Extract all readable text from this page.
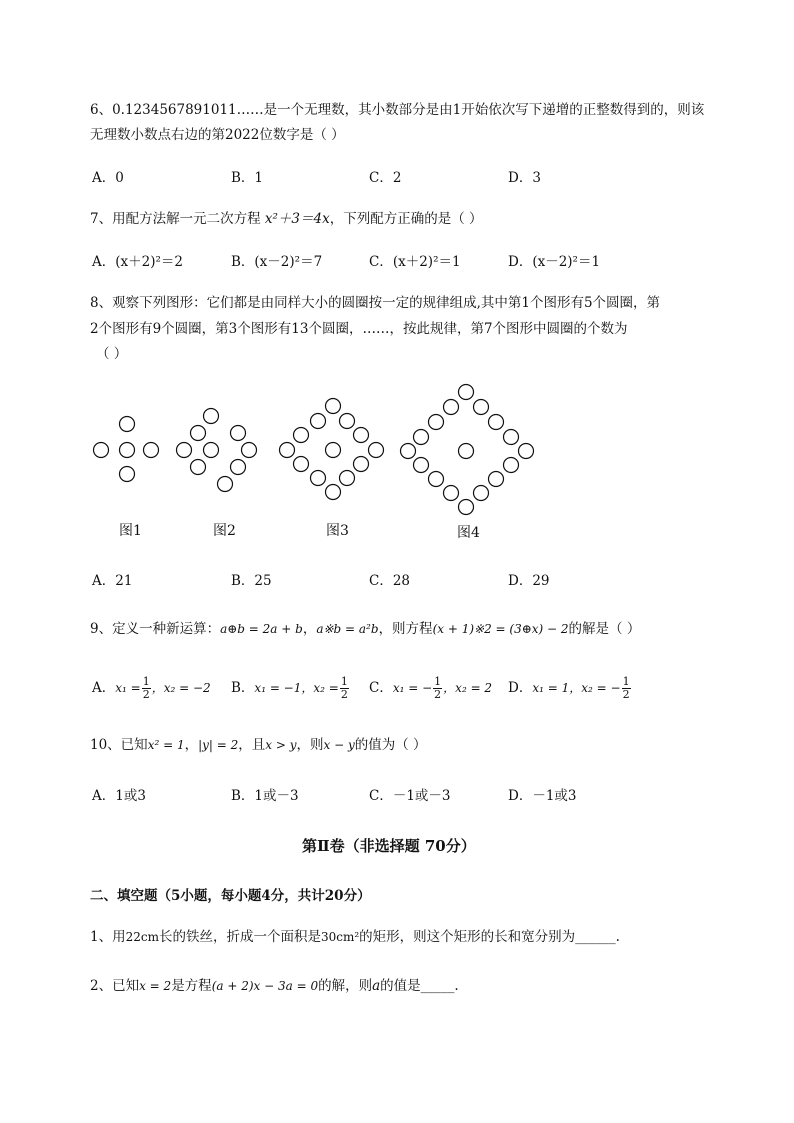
6、0.1234567891011……是一个无理数，其小数部分是由1开始依次写下递增的正整数得到的，则该
无理数小数点右边的第2022位数字是（ ）
A．0	B．1	C．2	D．3
7、用配方法解一元二次方程 x²＋3＝4x，下列配方正确的是（ ）
A．(x＋2)²＝2	B．(x－2)²＝7	C．(x＋2)²＝1	D．(x－2)²＝1
8、观察下列图形：它们都是由同样大小的圆圈按一定的规律组成,其中第1个图形有5个圆圈，第
2个图形有9个圆圈，第3个图形有13个圆圈，……，按此规律，第7个图形中圆圈的个数为
（ ）
图1	图2	图3	图4
A．21	B．25	C．28	D．29
9、定义一种新运算：a⊕b = 2a + b，a※b = a²b，则方程(x + 1)※2 = (3⊕x) − 2的解是（ ）
A．$x_1 = \frac{1}{2}$ ，x₂ = −2 B．x₁ = −1，$x_2 = \frac{1}{2}$ C．x₁ = − $\frac{1}{2}$ ，x₂ = 2 D．x₁ = 1，x₂ = − $\frac{1}{2}$
10、已知x² = 1，|y| = 2，且x > y，则x − y的值为（ ）
A．1或3	B．1或－3	C．－1或－3	D．－1或3
第Ⅱ卷（非选择题 70分）
二、填空题（5小题，每小题4分，共计20分）
1、用22cm长的铁丝，折成一个面积是30cm²的矩形，则这个矩形的长和宽分别为______.
2、已知x = 2是方程(a + 2)x − 3a = 0的解，则a的值是_____.
